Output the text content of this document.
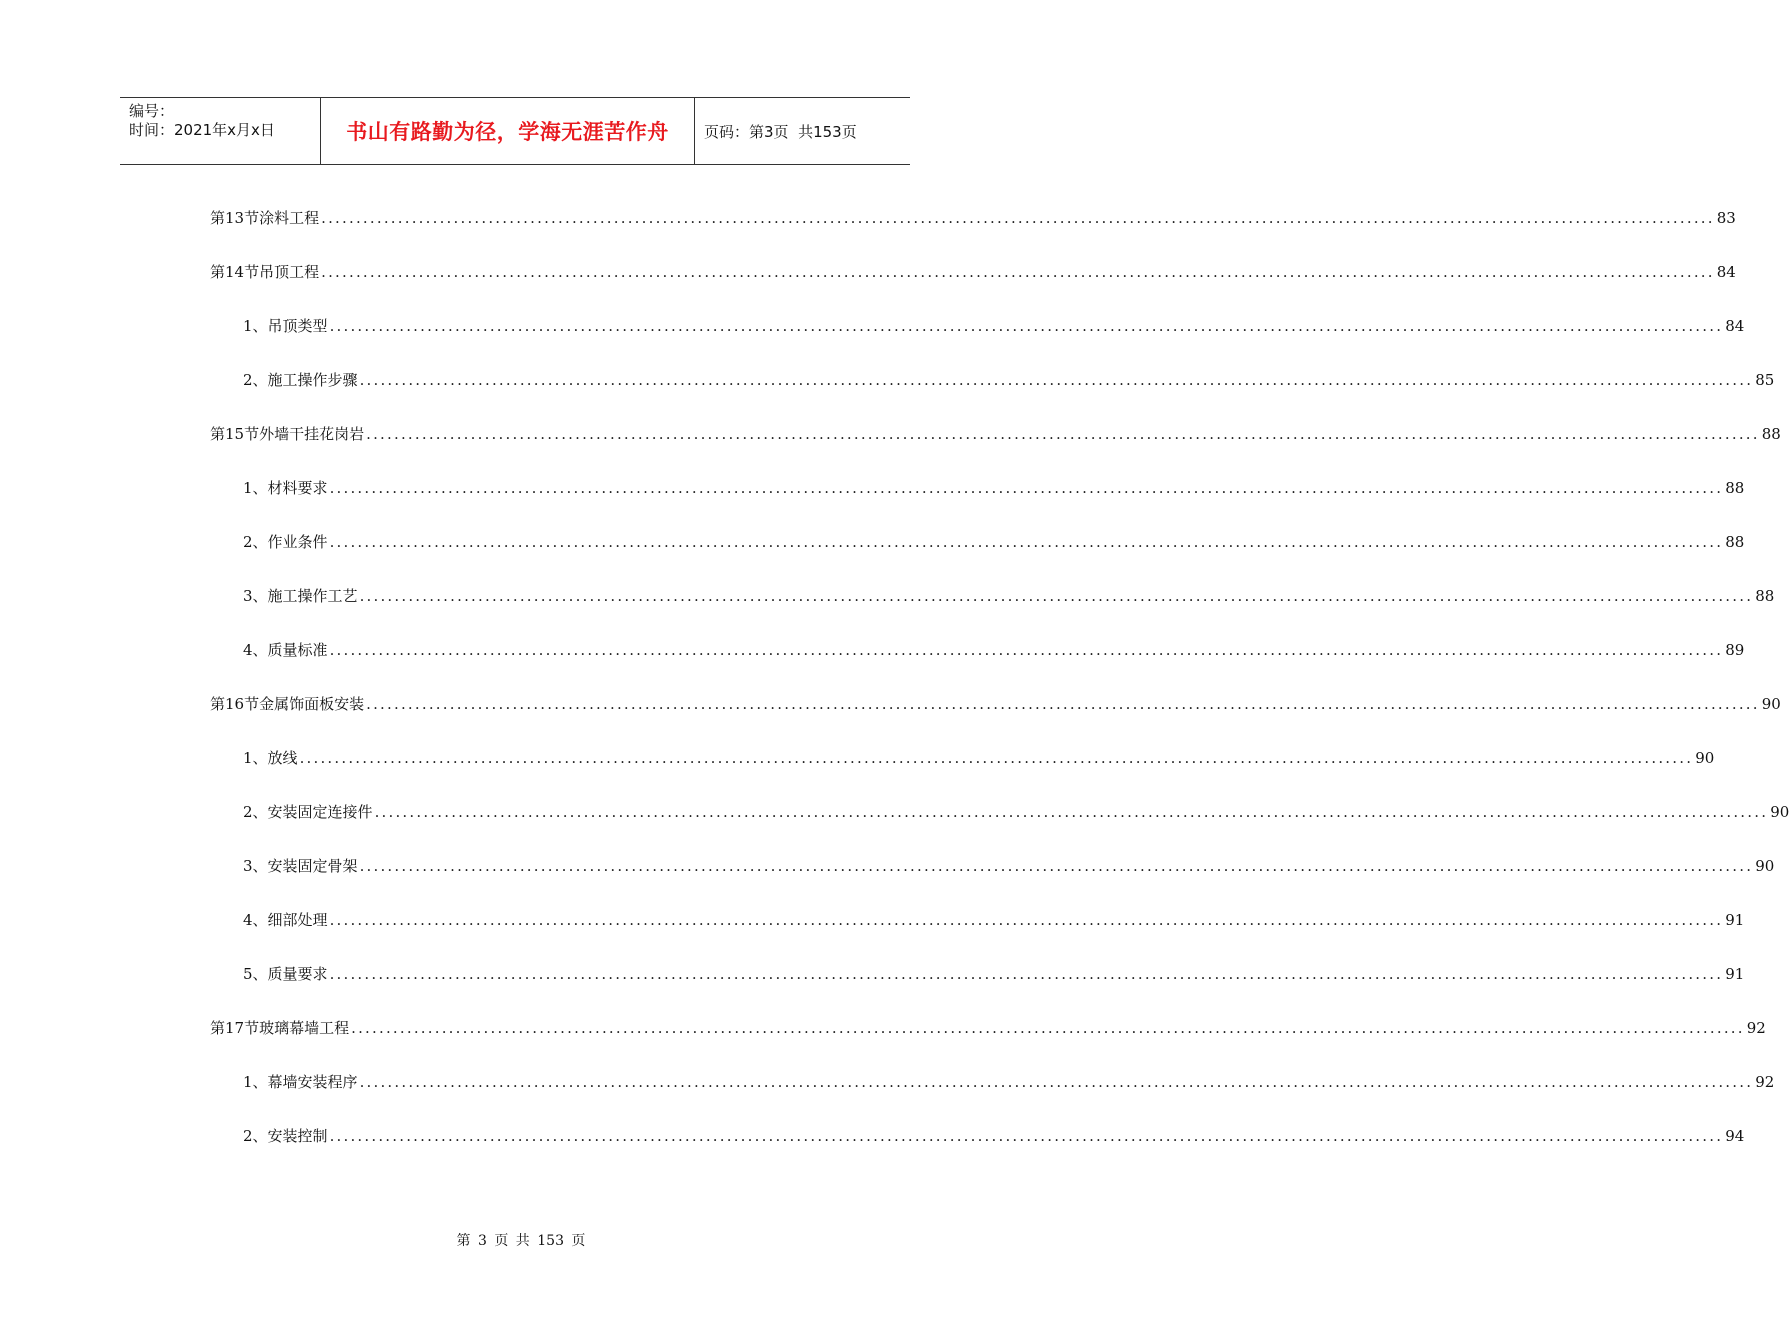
编号：
时间：2021年x月x日	书山有路勤为径，学海无涯苦作舟	页码：第3页  共153页
第13节 涂料工程 ........................................................................................................................................................................................................ 83
第14节 吊顶工程 ........................................................................................................................................................................................................ 84
1、 吊顶类型 ........................................................................................................................................................................................................ 84
2、 施工操作步骤 ........................................................................................................................................................................................................ 85
第15节 外墙干挂花岗岩 ........................................................................................................................................................................................................ 88
1、 材料要求 ........................................................................................................................................................................................................ 88
2、 作业条件 ........................................................................................................................................................................................................ 88
3、 施工操作工艺 ........................................................................................................................................................................................................ 88
4、 质量标准 ........................................................................................................................................................................................................ 89
第16节 金属饰面板安装 ........................................................................................................................................................................................................ 90
1、 放线 ........................................................................................................................................................................................................ 90
2、 安装固定连接件 ........................................................................................................................................................................................................ 90
3、 安装固定骨架 ........................................................................................................................................................................................................ 90
4、 细部处理 ........................................................................................................................................................................................................ 91
5、 质量要求 ........................................................................................................................................................................................................ 91
第17节 玻璃幕墙工程 ........................................................................................................................................................................................................ 92
1、 幕墙安装程序 ........................................................................................................................................................................................................ 92
2、 安装控制 ........................................................................................................................................................................................................ 94
第 3 页 共 153 页
